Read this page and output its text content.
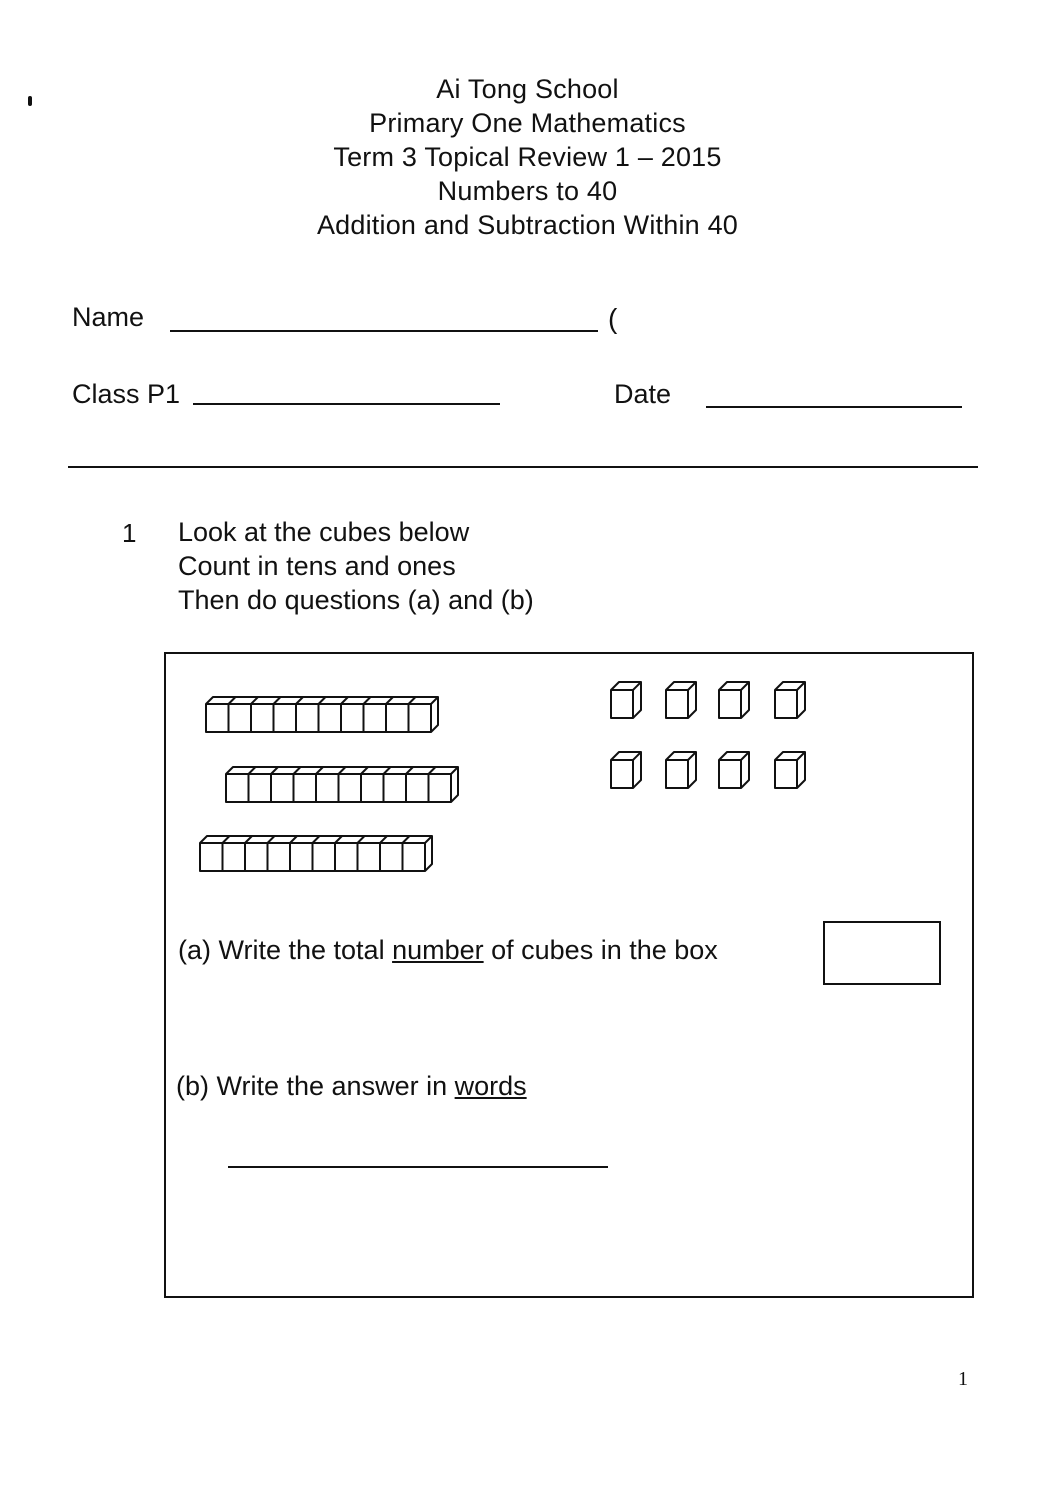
Ai Tong School
Primary One Mathematics
Term 3 Topical Review 1 – 2015
Numbers to 40
Addition and Subtraction Within 40
Name	(
Class P1	Date
1 Look at the cubes below
Count in tens and ones
Then do questions (a) and (b)
(a) Write the total number of cubes in the box
(b) Write the answer in words
1
